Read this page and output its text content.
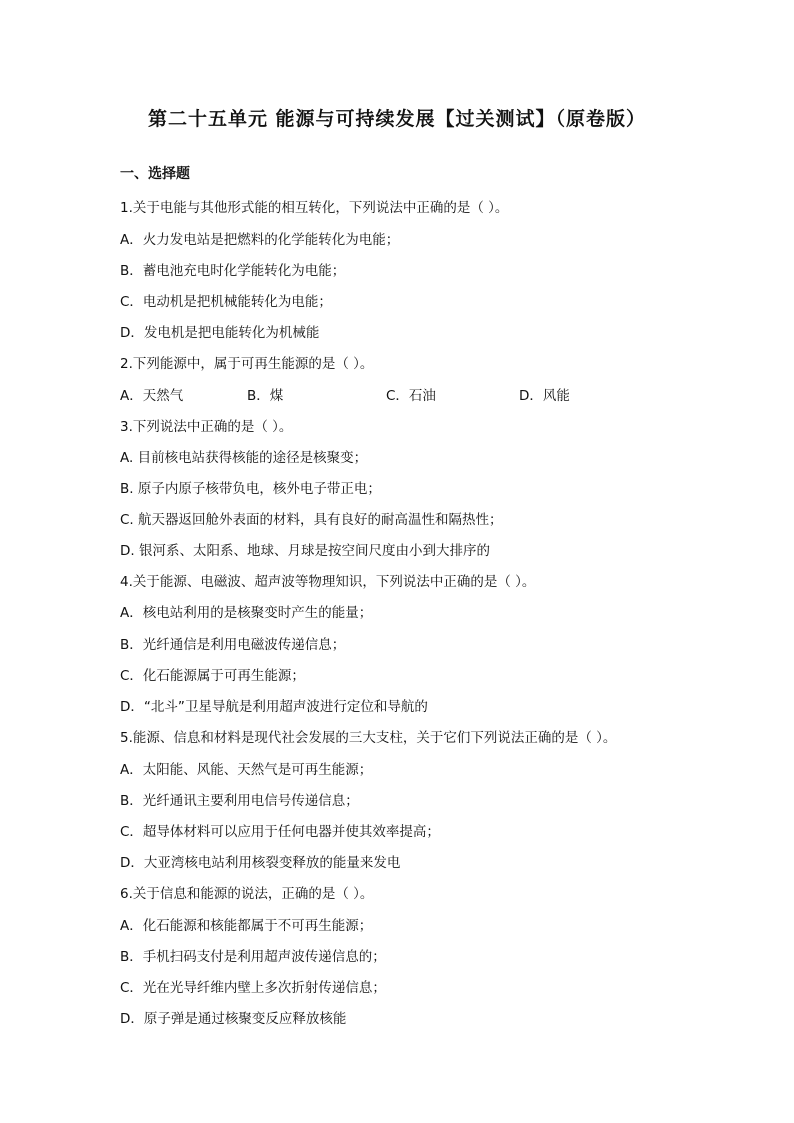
第二十五单元 能源与可持续发展【过关测试】（原卷版）
一、选择题
1.关于电能与其他形式能的相互转化，下列说法中正确的是（ ）。
A．火力发电站是把燃料的化学能转化为电能；
B．蓄电池充电时化学能转化为电能；
C．电动机是把机械能转化为电能；
D．发电机是把电能转化为机械能
2.下列能源中，属于可再生能源的是（ ）。
A．天然气	B．煤	C．石油	D．风能
3.下列说法中正确的是（ ）。
A. 目前核电站获得核能的途径是核聚变；
B. 原子内原子核带负电，核外电子带正电；
C. 航天器返回舱外表面的材料，具有良好的耐高温性和隔热性；
D. 银河系、太阳系、地球、月球是按空间尺度由小到大排序的
4.关于能源、电磁波、超声波等物理知识，下列说法中正确的是（ ）。
A．核电站利用的是核聚变时产生的能量；
B．光纤通信是利用电磁波传递信息；
C．化石能源属于可再生能源；
D．“北斗”卫星导航是利用超声波进行定位和导航的
5.能源、信息和材料是现代社会发展的三大支柱，关于它们下列说法正确的是（ ）。
A．太阳能、风能、天然气是可再生能源；
B．光纤通讯主要利用电信号传递信息；
C．超导体材料可以应用于任何电器并使其效率提高；
D．大亚湾核电站利用核裂变释放的能量来发电
6.关于信息和能源的说法，正确的是（ ）。
A．化石能源和核能都属于不可再生能源；
B．手机扫码支付是利用超声波传递信息的；
C．光在光导纤维内壁上多次折射传递信息；
D．原子弹是通过核聚变反应释放核能
